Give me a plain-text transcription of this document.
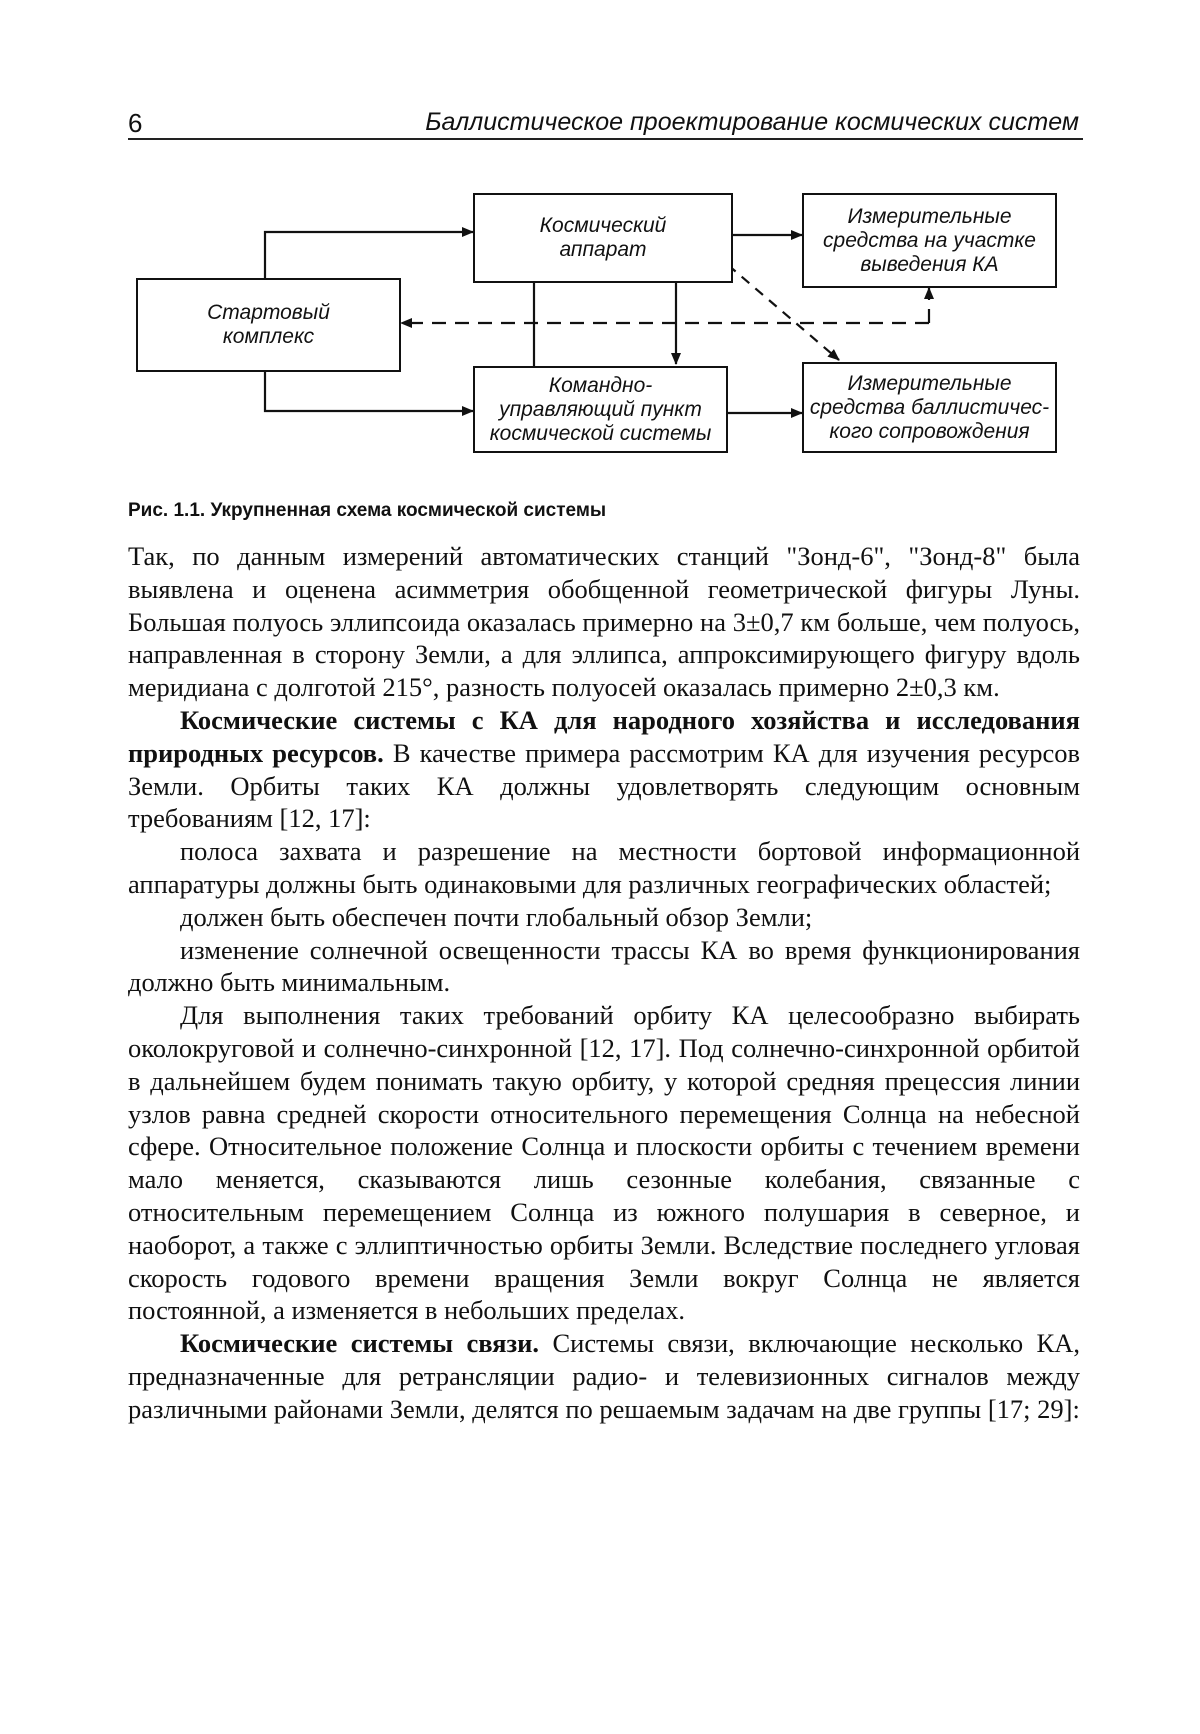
6	Баллистическое проектирование космических систем
Космический
аппарат
Стартовый
комплекс
Измерительные
средства на участке
выведения КА
Командно-
управляющий пункт
космической системы
Измерительные
средства баллистичес-
кого сопровождения
Рис. 1.1. Укрупненная схема космической системы

Так, по данным измерений автоматических станций "Зонд-6", "Зонд-8" была выявлена и оценена асимметрия обобщенной геометрической фигуры Луны. Большая полуось эллипсоида оказалась примерно на 3±0,7 км больше, чем полуось, направленная в сторону Земли, а для эллипса, аппроксимирующего фигуру вдоль меридиана с долготой 215°, разность полуосей оказалась примерно 2±0,3 км.

Космические системы с КА для народного хозяйства и исследования природных ресурсов. В качестве примера рассмотрим КА для изучения ресурсов Земли. Орбиты таких КА должны удовлетворять следующим основным требованиям [12, 17]:

полоса захвата и разрешение на местности бортовой информационной аппаратуры должны быть одинаковыми для различных географических областей;

должен быть обеспечен почти глобальный обзор Земли;

изменение солнечной освещенности трассы КА во время функционирования должно быть минимальным.

Для выполнения таких требований орбиту КА целесообразно выбирать околокруговой и солнечно-синхронной [12, 17]. Под солнечно-синхронной орбитой в дальнейшем будем понимать такую орбиту, у которой средняя прецессия линии узлов равна средней скорости относительного перемещения Солнца на небесной сфере. Относительное положение Солнца и плоскости орбиты с течением времени мало меняется, сказываются лишь сезонные колебания, связанные с относительным перемещением Солнца из южного полушария в северное, и наоборот, а также с эллиптичностью орбиты Земли. Вследствие последнего угловая скорость годового времени вращения Земли вокруг Солнца не является постоянной, а изменяется в небольших пределах.

Космические системы связи. Системы связи, включающие несколько КА, предназначенные для ретрансляции радио- и телевизионных сигналов между различными районами Земли, делятся по решаемым задачам на две группы [17; 29]:
